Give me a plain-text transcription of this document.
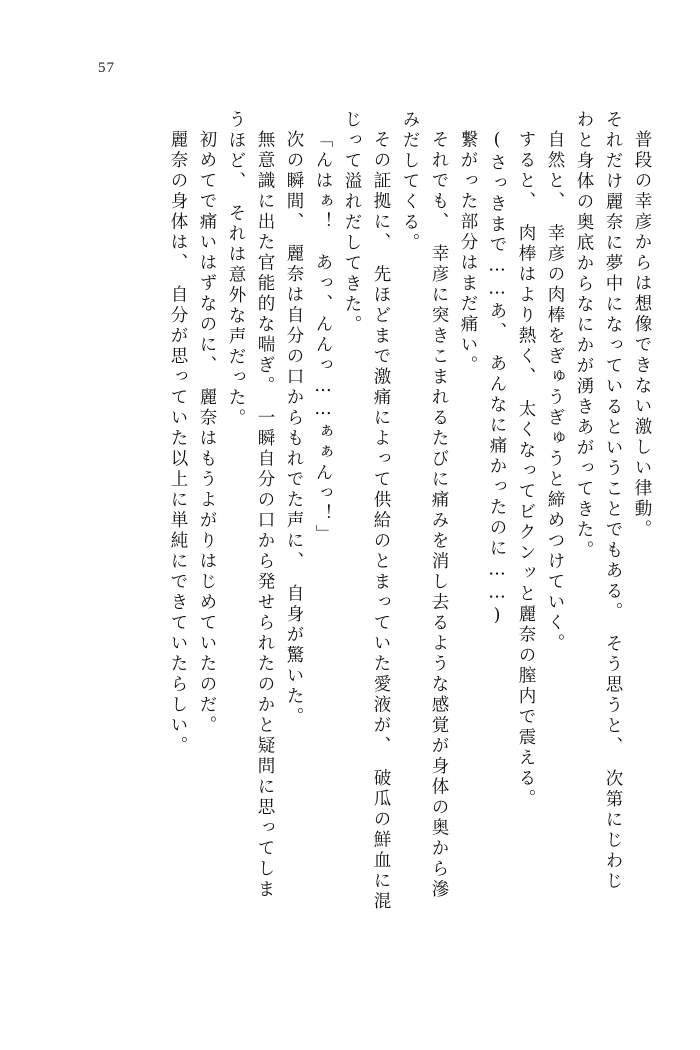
57
普段の幸彦からは想像できない激しい律動。
それだけ麗奈に夢中になっているということでもある。　そう思うと、　次第にじわじ
わと身体の奥底からなにかが湧きあがってきた。
自然と、　幸彦の肉棒をぎゅうぎゅうと締めつけていく。
すると、　肉棒はより熱く、　太くなってビクンッと麗奈の膣内で震える。
(さっきまで……あ、　あんなに痛かったのに……)
繋がった部分はまだ痛い。
それでも、　幸彦に突きこまれるたびに痛みを消し去るような感覚が身体の奥から滲
みだしてくる。
その証拠に、　先ほどまで激痛によって供給のとまっていた愛液が、　破瓜の鮮血に混
じって溢れだしてきた。
「んはぁ！　あっ、んんっ……ぁぁんっ！」
次の瞬間、　麗奈は自分の口からもれでた声に、　自身が驚いた。
無意識に出た官能的な喘ぎ。　一瞬自分の口から発せられたのかと疑問に思ってしま
うほど、　それは意外な声だった。
初めてで痛いはずなのに、　麗奈はもうよがりはじめていたのだ。
麗奈の身体は、　自分が思っていた以上に単純にできていたらしい。
